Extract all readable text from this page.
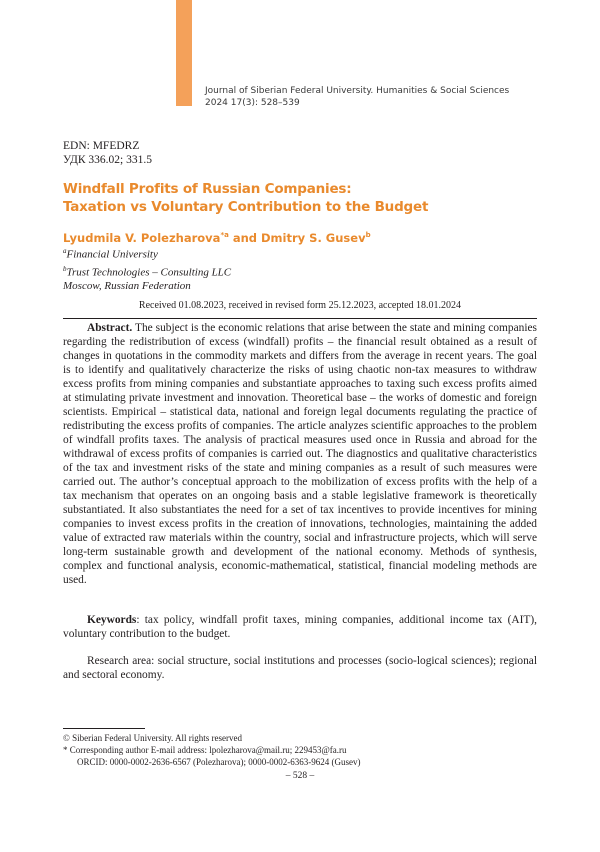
Journal of Siberian Federal University. Humanities & Social Sciences
2024 17(3): 528–539
EDN: MFEDRZ
УДК 336.02; 331.5
Windfall Profits of Russian Companies:
Taxation vs Voluntary Contribution to the Budget
Lyudmila V. Polezharova$^{*a}$ and Dmitry S. Gusev$^b$
$^a$Financial University
$^b$Trust Technologies – Consulting LLC
Moscow, Russian Federation
Received 01.08.2023, received in revised form 25.12.2023, accepted 18.01.2024

Abstract. The subject is the economic relations that arise between the state and mining companies regarding the redistribution of excess (windfall) profits – the financial result obtained as a result of changes in quotations in the commodity markets and differs from the average in recent years. The goal is to identify and qualitatively characterize the risks of using chaotic non-tax measures to withdraw excess profits from mining companies and substantiate approaches to taxing such excess profits aimed at stimulating private investment and innovation. Theoretical base – the works of domestic and foreign scientists. Empirical – statistical data, national and foreign legal documents regulating the practice of redistributing the excess profits of companies. The article analyzes scientific approaches to the problem of windfall profits taxes. The analysis of practical measures used once in Russia and abroad for the withdrawal of excess profits of companies is carried out. The diagnostics and qualitative characteristics of the tax and investment risks of the state and mining companies as a result of such measures were carried out. The author’s conceptual approach to the mobilization of excess profits with the help of a tax mechanism that operates on an ongoing basis and a stable legislative framework is theoretically substantiated. It also substantiates the need for a set of tax incentives to provide incentives for mining companies to invest excess profits in the creation of innovations, technologies, maintaining the added value of extracted raw materials within the country, social and infrastructure projects, which will serve long-term sustainable growth and development of the national economy. Methods of synthesis, complex and functional analysis, economic-mathematical, statistical, financial modeling methods are used.

Keywords: tax policy, windfall profit taxes, mining companies, additional income tax (AIT), voluntary contribution to the budget.

Research area: social structure, social institutions and processes (socio-logical sciences); regional and sectoral economy.

© Siberian Federal University. All rights reserved
* Corresponding author E-mail address: lpolezharova@mail.ru; 229453@fa.ru
ORCID: 0000-0002-2636-6567 (Polezharova); 0000-0002-6363-9624 (Gusev)
– 528 –
